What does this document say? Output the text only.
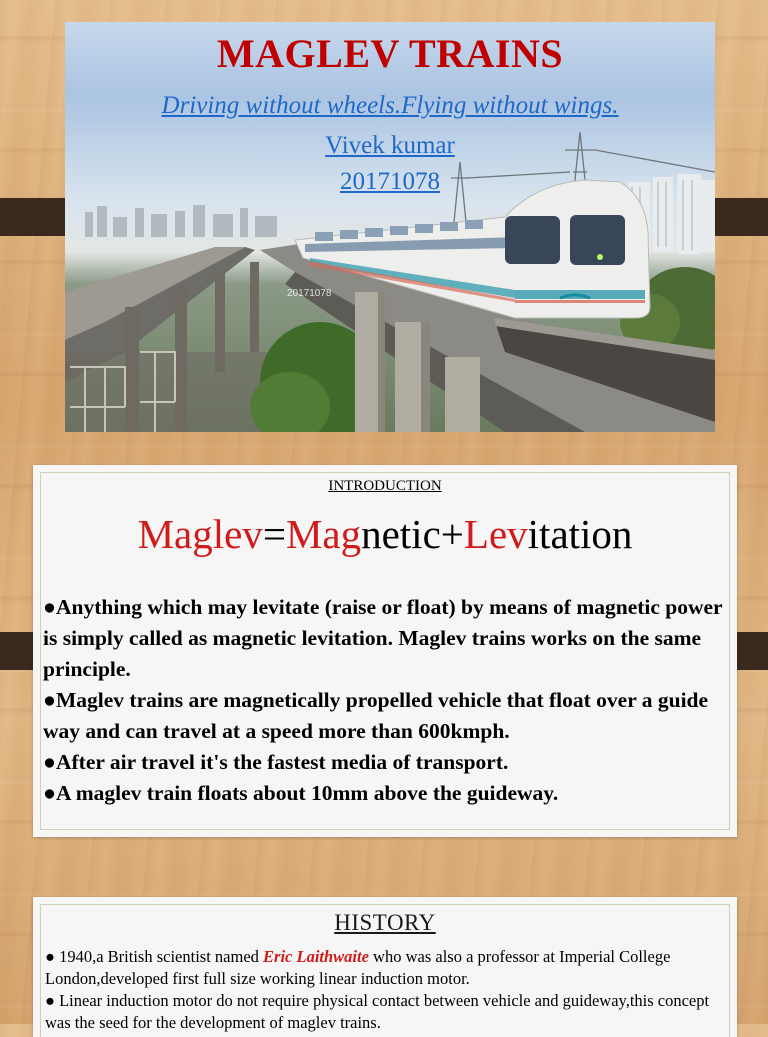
MAGLEV TRAINS
Driving without wheels.Flying without wings.
Vivek kumar
20171078
20171078
INTRODUCTION
Maglev=Magnetic+Levitation

●Anything which may levitate (raise or float) by means of magnetic power is simply called as magnetic levitation. Maglev trains works on the same principle.

●Maglev trains are magnetically propelled vehicle that float over a guide way and can travel at a speed more than 600kmph.

●After air travel it's the fastest media of transport.

●A maglev train floats about 10mm above the guideway.

HISTORY

● 1940,a British scientist named Eric Laithwaite who was also a professor at Imperial College London,developed first full size working linear induction motor.

● Linear induction motor do not require physical contact between vehicle and guideway,this concept was the seed for the development of maglev trains.
